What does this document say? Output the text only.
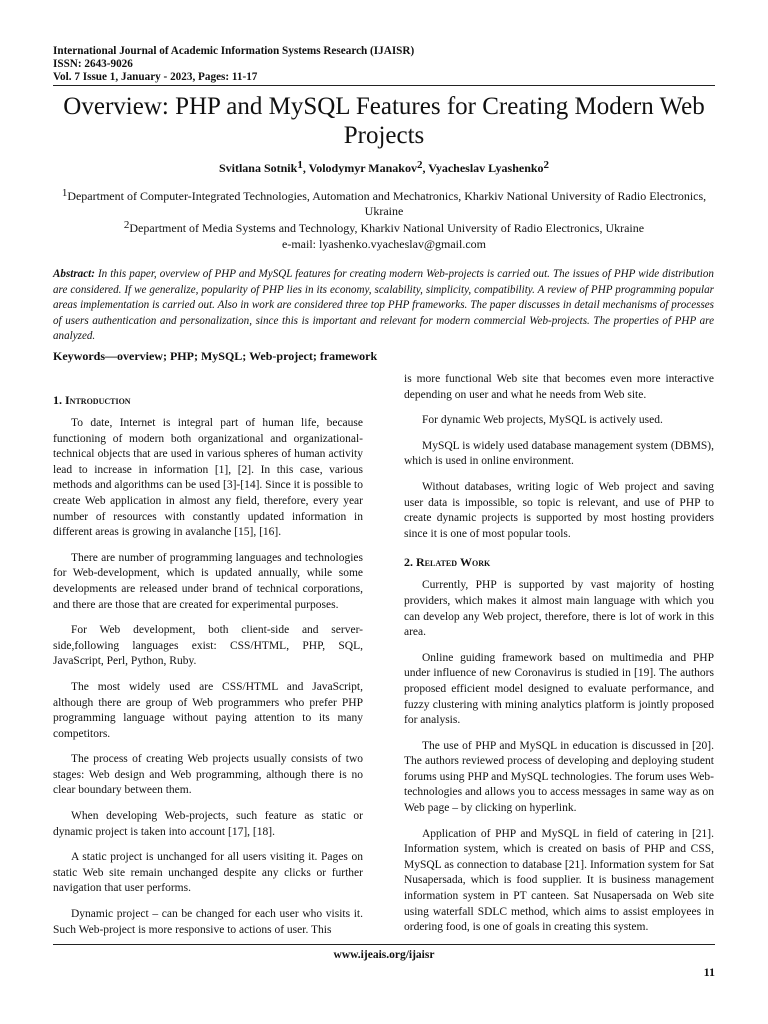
International Journal of Academic Information Systems Research (IJAISR)
ISSN: 2643-9026
Vol. 7 Issue 1, January - 2023, Pages: 11-17
Overview: PHP and MySQL Features for Creating Modern Web Projects
Svitlana Sotnik$^1$, Volodymyr Manakov$^2$, Vyacheslav Lyashenko$^2$
$^1$Department of Computer-Integrated Technologies, Automation and Mechatronics, Kharkiv National University of Radio Electronics, Ukraine
$^2$Department of Media Systems and Technology, Kharkiv National University of Radio Electronics, Ukraine
e-mail: lyashenko.vyacheslav@gmail.com
Abstract: In this paper, overview of PHP and MySQL features for creating modern Web-projects is carried out. The issues of PHP wide distribution are considered. If we generalize, popularity of PHP lies in its economy, scalability, simplicity, compatibility. A review of PHP programming popular areas implementation is carried out. Also in work are considered three top PHP frameworks. The paper discusses in detail mechanisms of processes of users authentication and personalization, since this is important and relevant for modern commercial Web-projects. The properties of PHP are analyzed.
Keywords—overview; PHP; MySQL; Web-project; framework
1. Introduction

To date, Internet is integral part of human life, because functioning of modern both organizational and organizational-technical objects that are used in various spheres of human activity lead to increase in information [1], [2]. In this case, various methods and algorithms can be used [3]-[14]. Since it is possible to create Web application in almost any field, therefore, every year number of resources with constantly updated information in different areas is growing in avalanche [15], [16].

There are number of programming languages and technologies for Web-development, which is updated annually, while some developments are released under brand of technical corporations, and there are those that are created for experimental purposes.

For Web development, both client-side and server-side,following languages exist: CSS/HTML, PHP, SQL, JavaScript, Perl, Python, Ruby.

The most widely used are CSS/HTML and JavaScript, although there are group of Web programmers who prefer PHP programming language without paying attention to its many competitors.

The process of creating Web projects usually consists of two stages: Web design and Web programming, although there is no clear boundary between them.

When developing Web-projects, such feature as static or dynamic project is taken into account [17], [18].

A static project is unchanged for all users visiting it. Pages on static Web site remain unchanged despite any clicks or further navigation that user performs.

Dynamic project – can be changed for each user who visits it. Such Web-project is more responsive to actions of user. This

is more functional Web site that becomes even more interactive depending on user and what he needs from Web site.

For dynamic Web projects, MySQL is actively used.

MySQL is widely used database management system (DBMS), which is used in online environment.

Without databases, writing logic of Web project and saving user data is impossible, so topic is relevant, and use of PHP to create dynamic projects is supported by most hosting providers since it is one of most popular tools.

2. Related Work

Currently, PHP is supported by vast majority of hosting providers, which makes it almost main language with which you can develop any Web project, therefore, there is lot of work in this area.

Online guiding framework based on multimedia and PHP under influence of new Coronavirus is studied in [19]. The authors proposed efficient model designed to evaluate performance, and fuzzy clustering with mining analytics platform is jointly proposed for analysis.

The use of PHP and MySQL in education is discussed in [20]. The authors reviewed process of developing and deploying student forums using PHP and MySQL technologies. The forum uses Web-technologies and allows you to access messages in same way as on Web page – by clicking on hyperlink.

Application of PHP and MySQL in field of catering in [21]. Information system, which is created on basis of PHP and CSS, MySQL as connection to database [21]. Information system for Sat Nusapersada, which is food supplier. It is business management information system in PT canteen. Sat Nusapersada on Web site using waterfall SDLC method, which aims to assist employees in ordering food, is one of goals in creating this system.

www.ijeais.org/ijaisr
11
